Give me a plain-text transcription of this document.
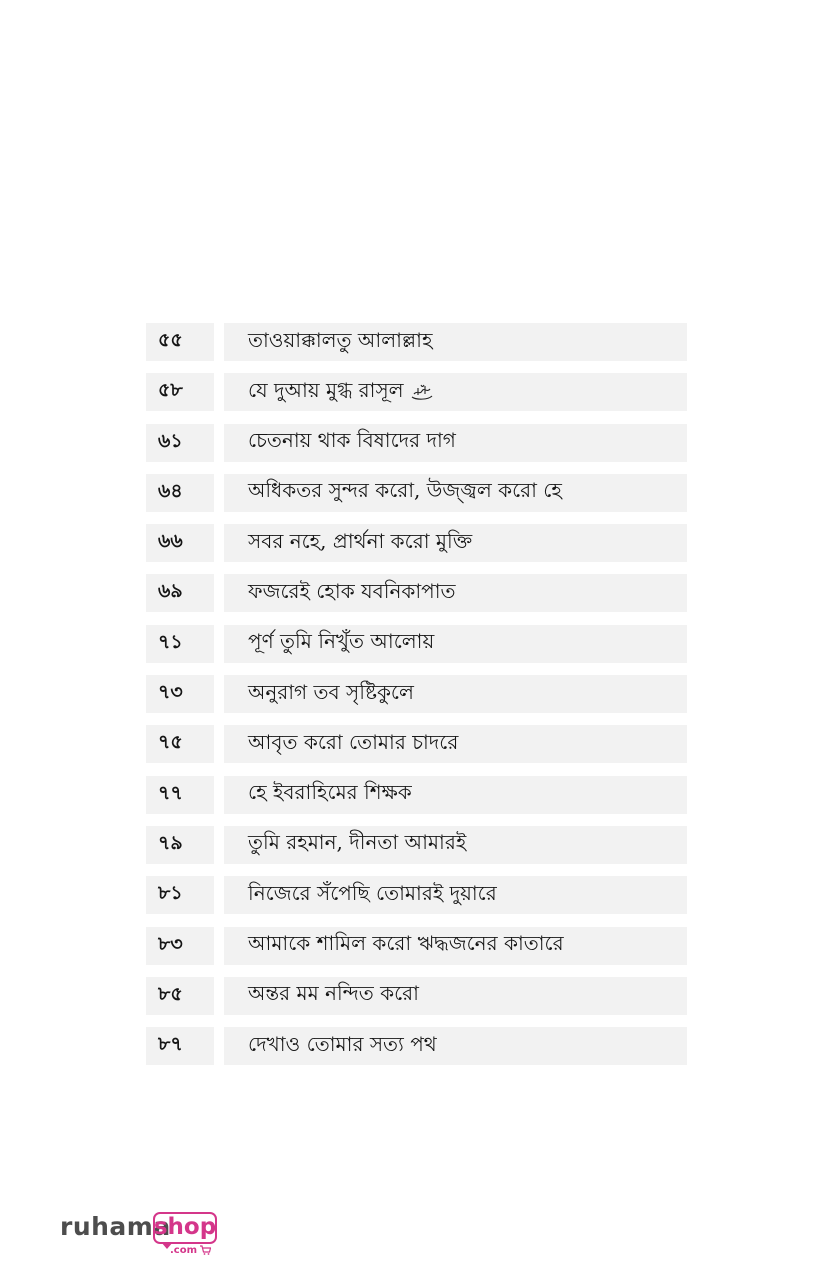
৫৫	তাওয়াক্কালতু আলাল্লাহ
৫৮	যে দুআয় মুগ্ধ রাসূল
৬১	চেতনায় থাক বিষাদের দাগ
৬৪	অধিকতর সুন্দর করো, উজ্জ্বল করো হে
৬৬	সবর নহে, প্রার্থনা করো মুক্তি
৬৯	ফজরেই হোক যবনিকাপাত
৭১	পূর্ণ তুমি নিখুঁত আলোয়
৭৩	অনুরাগ তব সৃষ্টিকুলে
৭৫	আবৃত করো তোমার চাদরে
৭৭	হে ইবরাহিমের শিক্ষক
৭৯	তুমি রহমান, দীনতা আমারই
৮১	নিজেরে সঁপেছি তোমারই দুয়ারে
৮৩	আমাকে শামিল করো ঋদ্ধজনের কাতারে
৮৫	অন্তর মম নন্দিত করো
৮৭	দেখাও তোমার সত্য পথ
ruhama
shop
.com
